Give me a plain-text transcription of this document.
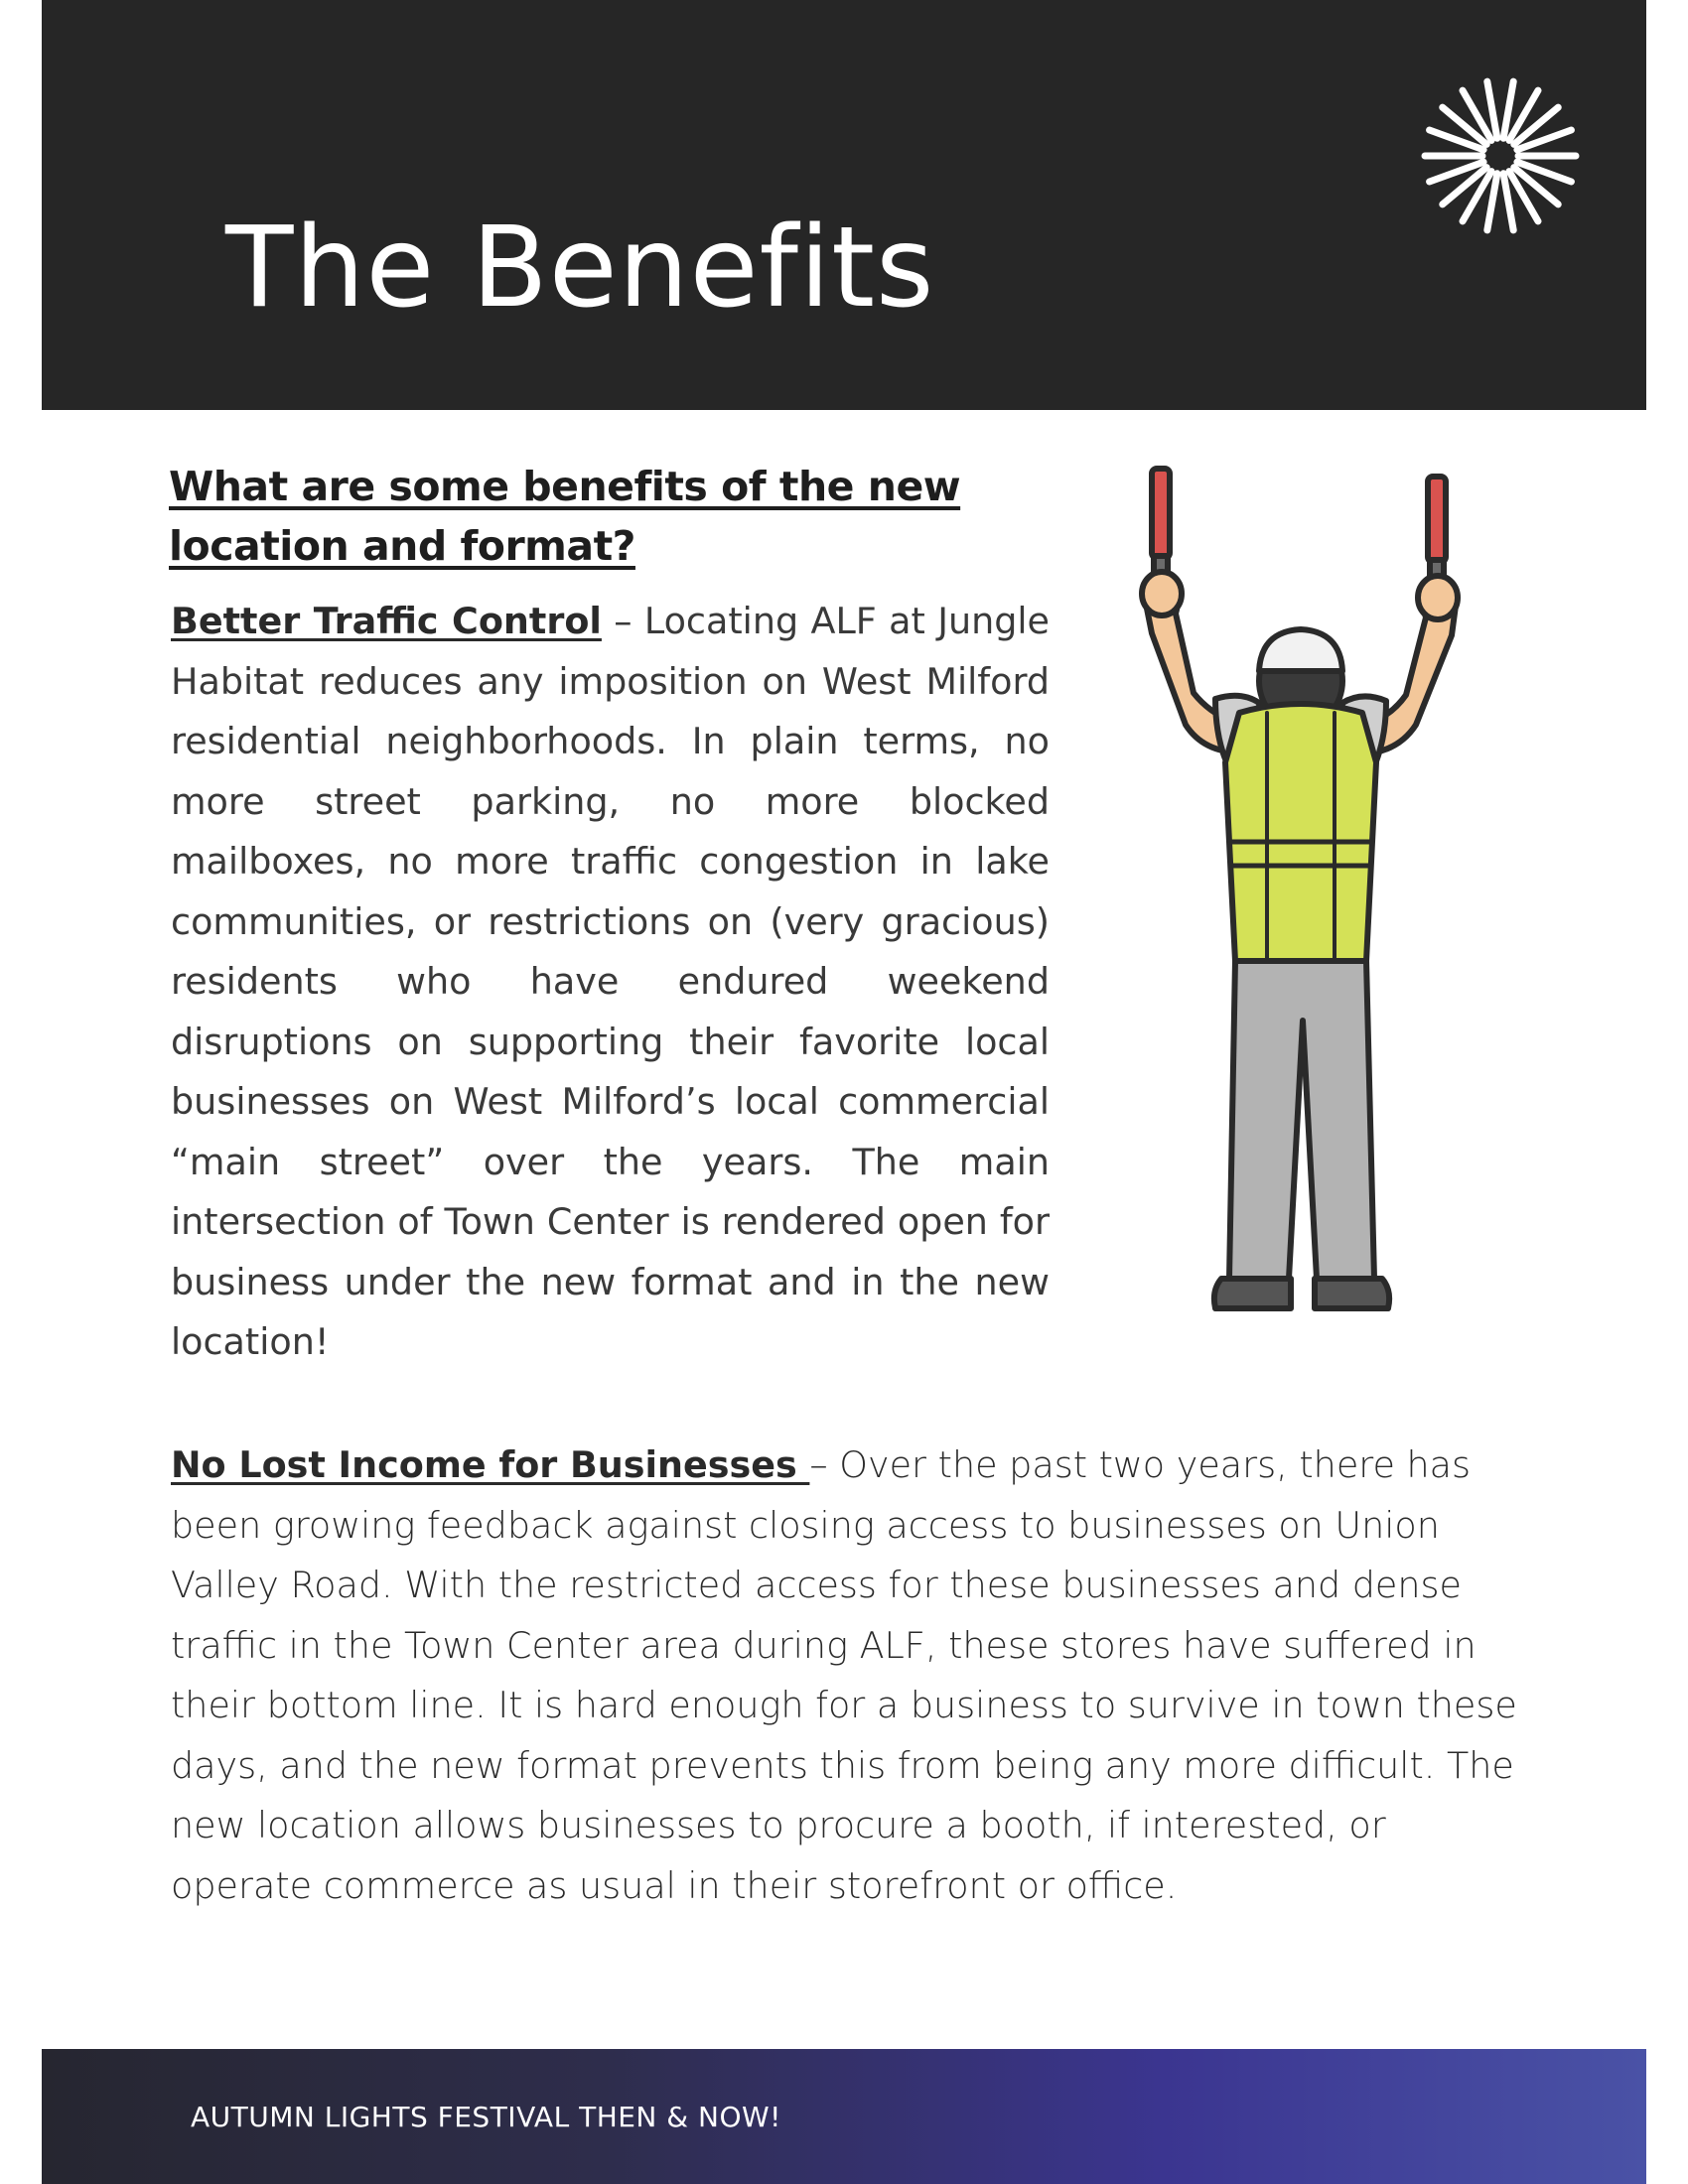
The Benefits
What are some benefits of the new location and format?

Better Traffic Control – Locating ALF at Jungle Habitat reduces any imposition on West Milford residential neighborhoods. In plain terms, no more street parking, no more blocked mailboxes, no more traffic congestion in lake communities, or restrictions on (very gracious) residents who have endured weekend disruptions on supporting their favorite local businesses on West Milford’s local commercial “main street” over the years. The main intersection of Town Center is rendered open for business under the new format and in the new location!

No Lost Income for Businesses – Over the past two years, there has been growing feedback against closing access to businesses on Union Valley Road. With the restricted access for these businesses and dense traffic in the Town Center area during ALF, these stores have suffered in their bottom line. It is hard enough for a business to survive in town these days, and the new format prevents this from being any more difficult. The new location allows businesses to procure a booth, if interested, or operate commerce as usual in their storefront or office.

AUTUMN LIGHTS FESTIVAL THEN & NOW!
